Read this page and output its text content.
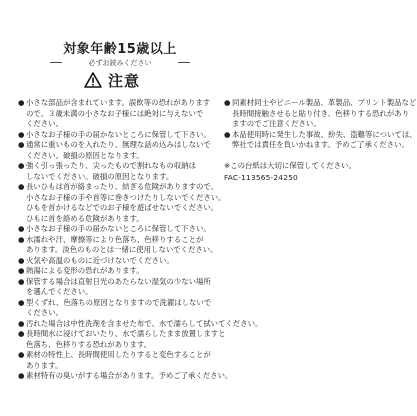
対象年齢15歳以上
必ずお読みください
注意
● 小さな部品が含まれています。誤飲等の恐れがあります
ので、３歳未満の小さなお子様には絶対に与えないで
ください。
● 小さなお子様の手の届かないところに保管して下さい。
● 通常に重いものを入れたり、無理な話め込みはしないで
ください。破損の原因となります。
● 強く引っ張ったり、尖ったもので割れなもの収納は
しないでください。破損の原因となります。
● 長いひもは首が絡まったり、結ぎる危険がありますので、
小さなお子様の手や首等に巻きつけたりしないでください。
ひもを首かけるなどでのお子様を遊ばせないでください。
ひもに首を絡める危険があります。
● 小さなお子様の手の届かないところに保管して下さい。
● 水濡れや汗、摩擦等により色落ち、色移りすることが
あります。淡色のものとは一緒に使用しないでください。
● 火気や高温のものに近づけないでください。
● 熱湯による変形の恐れがあります。
● 保管する場合は直射日光のあたらない湿気の少ない場所
を選んでください。
● 型くずれ、色落ちの原因となりますので洗濯はしないで
ください。
● 汚れた場合は中性洗剤を含ませた布で、水で濡らして拭いてください。
● 長時間水に浸けておいたり、水で濡らしたまま放置しますと
色落ち、色移りする恐れがあります。
● 素材の特性上、長時間使用したりすると変色することが
あります。
● 素材特有の臭いがする場合があります。予めご了承ください。
● 同素材同士やビニール製品、革製品、プリント製品など
長時間接触させると貼り付き、色移りする恐れがあり
ますのでご注意ください。
● 本品使用時に発生した事故、紛失、盗難等については、
弊社では責任を負いかねます。予めご了承ください。
※この台紙は大切に保管してください。
FAC-113565-24250
